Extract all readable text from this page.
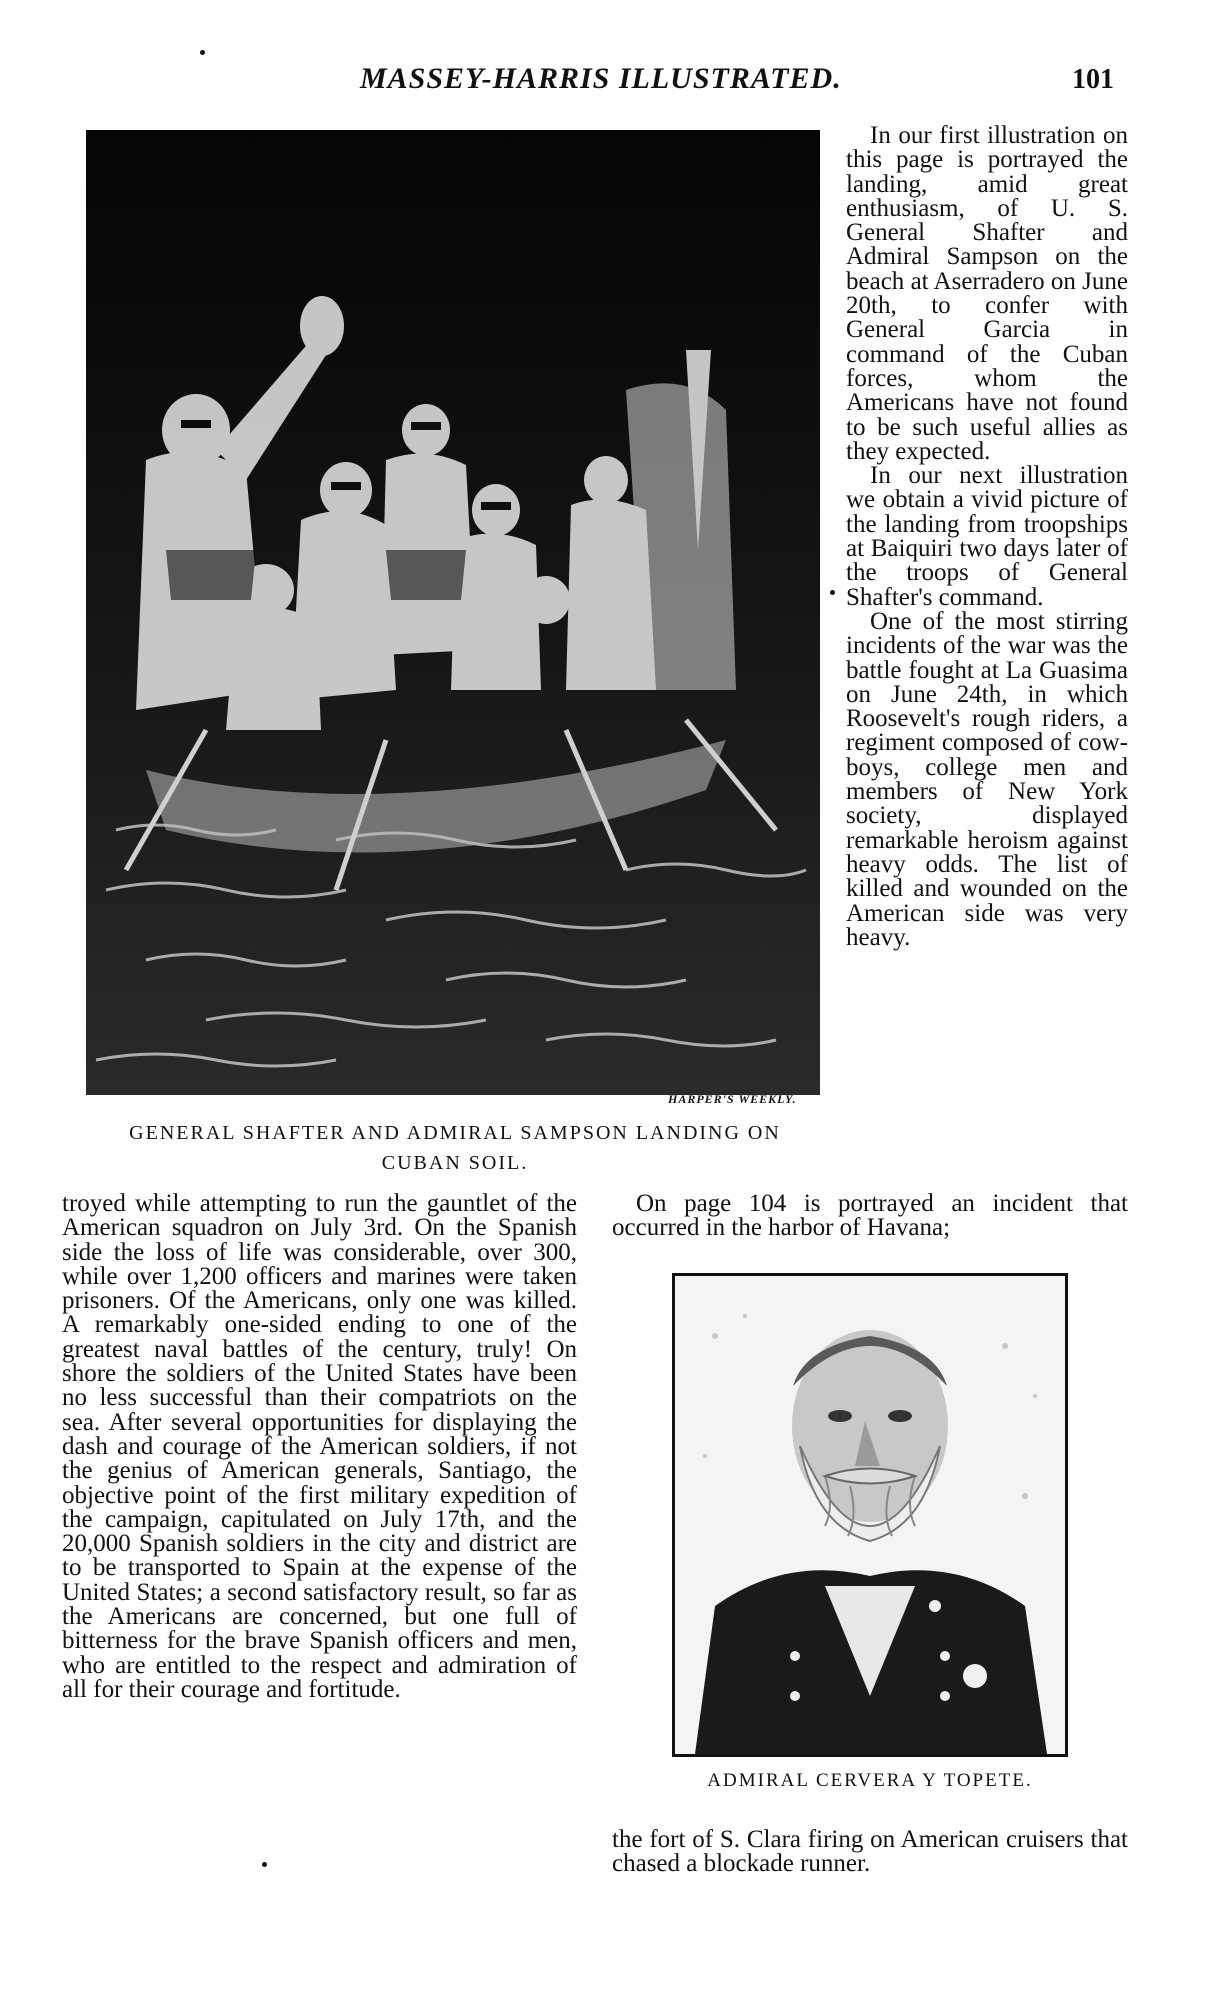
MASSEY-HARRIS ILLUSTRATED.	101
HARPER'S WEEKLY.
GENERAL SHAFTER AND ADMIRAL SAMPSON LANDING ON CUBAN SOIL.

In our first illustration on this page is portrayed the landing, amid great enthusiasm, of U. S. General Shafter and Admiral Sampson on the beach at Aserradero on June 20th, to confer with General Garcia in command of the Cuban forces, whom the Americans have not found to be such useful allies as they expected.

In our next illustration we obtain a vivid picture of the landing from troopships at Baiquiri two days later of the troops of General Shafter's command.

One of the most stirring incidents of the war was the battle fought at La Guasima on June 24th, in which Roosevelt's rough riders, a regiment composed of cow-boys, college men and members of New York society, displayed remarkable heroism against heavy odds. The list of killed and wounded on the American side was very heavy.

troyed while attempting to run the gauntlet of the American squadron on July 3rd. On the Spanish side the loss of life was considerable, over 300, while over 1,200 officers and marines were taken prisoners. Of the Americans, only one was killed. A remarkably one-sided ending to one of the greatest naval battles of the century, truly! On shore the soldiers of the United States have been no less successful than their compatriots on the sea. After several opportunities for displaying the dash and courage of the American soldiers, if not the genius of American generals, Santiago, the objective point of the first military expedition of the campaign, capitulated on July 17th, and the 20,000 Spanish soldiers in the city and district are to be transported to Spain at the expense of the United States; a second satisfactory result, so far as the Americans are concerned, but one full of bitterness for the brave Spanish officers and men, who are entitled to the respect and admiration of all for their courage and fortitude.

On page 104 is portrayed an incident that occurred in the harbor of Havana;

ADMIRAL CERVERA Y TOPETE.

the fort of S. Clara firing on American cruisers that chased a blockade runner.
